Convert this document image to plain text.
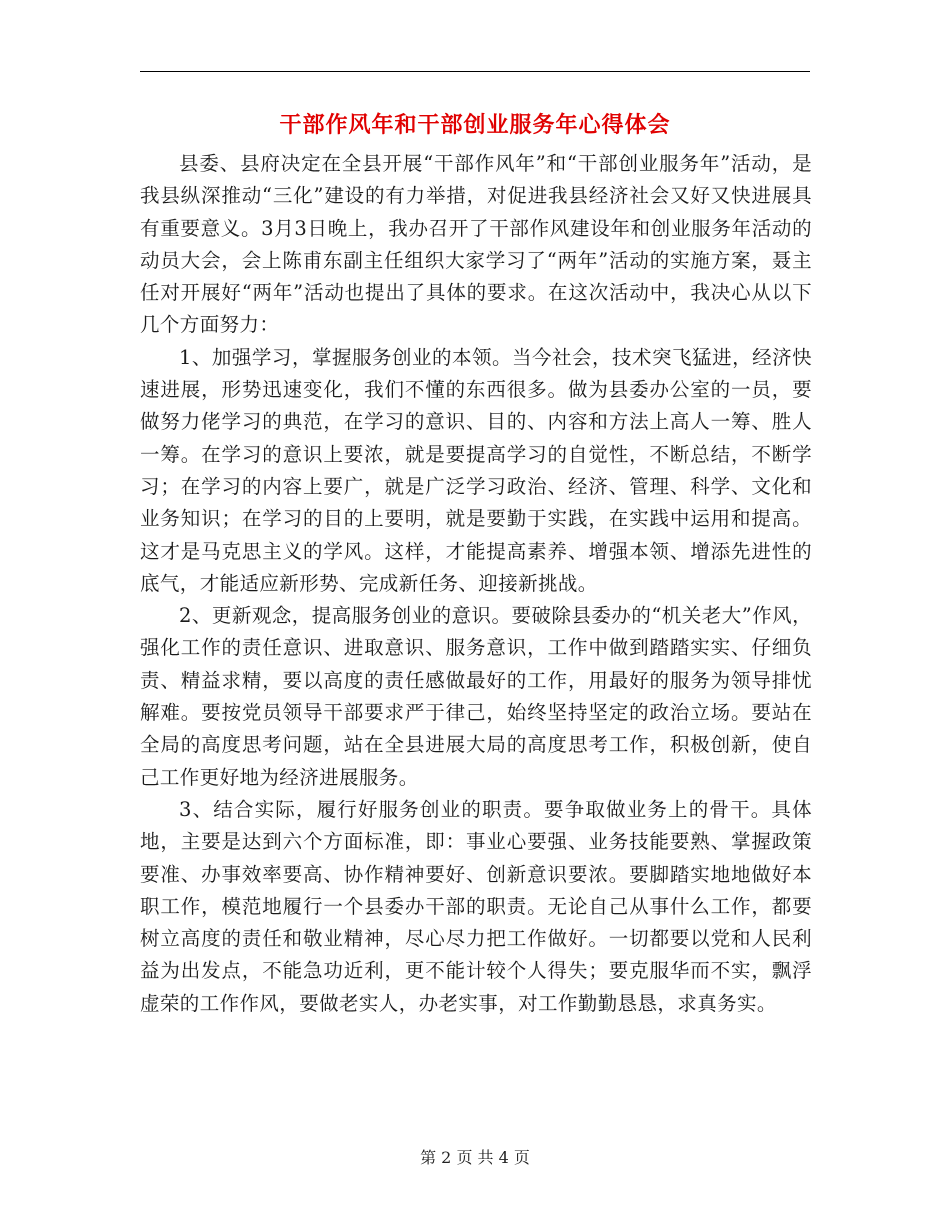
干部作风年和干部创业服务年心得体会

县委、县府决定在全县开展“干部作风年”和“干部创业服务年”活动，是我县纵深推动“三化”建设的有力举措，对促进我县经济社会又好又快进展具有重要意义。3月3日晚上，我办召开了干部作风建设年和创业服务年活动的动员大会，会上陈甫东副主任组织大家学习了“两年”活动的实施方案，聂主任对开展好“两年”活动也提出了具体的要求。在这次活动中，我决心从以下几个方面努力：

1、加强学习，掌握服务创业的本领。当今社会，技术突飞猛进，经济快速进展，形势迅速变化，我们不懂的东西很多。做为县委办公室的一员，要做努力佬学习的典范，在学习的意识、目的、内容和方法上高人一筹、胜人一筹。在学习的意识上要浓，就是要提高学习的自觉性，不断总结，不断学习；在学习的内容上要广，就是广泛学习政治、经济、管理、科学、文化和业务知识；在学习的目的上要明，就是要勤于实践，在实践中运用和提高。这才是马克思主义的学风。这样，才能提高素养、增强本领、增添先进性的底气，才能适应新形势、完成新任务、迎接新挑战。

2、更新观念，提高服务创业的意识。要破除县委办的“机关老大”作风，强化工作的责任意识、进取意识、服务意识，工作中做到踏踏实实、仔细负责、精益求精，要以高度的责任感做最好的工作，用最好的服务为领导排忧解难。要按党员领导干部要求严于律己，始终坚持坚定的政治立场。要站在全局的高度思考问题，站在全县进展大局的高度思考工作，积极创新，使自己工作更好地为经济进展服务。

3、结合实际，履行好服务创业的职责。要争取做业务上的骨干。具体地，主要是达到六个方面标准，即：事业心要强、业务技能要熟、掌握政策要准、办事效率要高、协作精神要好、创新意识要浓。要脚踏实地地做好本职工作，模范地履行一个县委办干部的职责。无论自己从事什么工作，都要树立高度的责任和敬业精神，尽心尽力把工作做好。一切都要以党和人民利益为出发点，不能急功近利，更不能计较个人得失；要克服华而不实，飘浮虚荣的工作作风，要做老实人，办老实事，对工作勤勤恳恳，求真务实。

第 2 页 共 4 页
